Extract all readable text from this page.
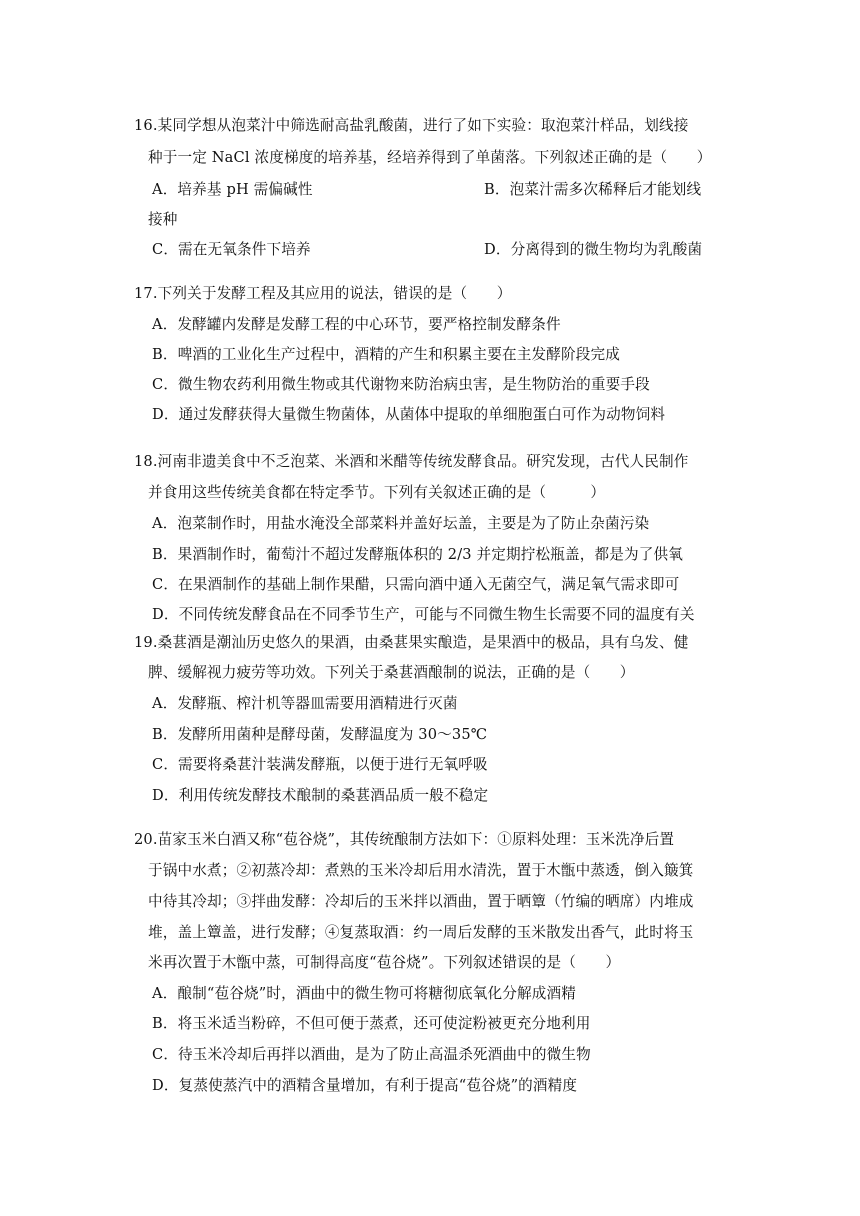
16.某同学想从泡菜汁中筛选耐高盐乳酸菌，进行了如下实验：取泡菜汁样品，划线接
种于一定 NaCl 浓度梯度的培养基，经培养得到了单菌落。下列叙述正确的是（　　）
A．培养基 pH 需偏碱性	B．泡菜汁需多次稀释后才能划线
接种
C．需在无氧条件下培养	D．分离得到的微生物均为乳酸菌
17.下列关于发酵工程及其应用的说法，错误的是（　　）
A．发酵罐内发酵是发酵工程的中心环节，要严格控制发酵条件
B．啤酒的工业化生产过程中，酒精的产生和积累主要在主发酵阶段完成
C．微生物农药利用微生物或其代谢物来防治病虫害，是生物防治的重要手段
D．通过发酵获得大量微生物菌体，从菌体中提取的单细胞蛋白可作为动物饲料
18.河南非遗美食中不乏泡菜、米酒和米醋等传统发酵食品。研究发现，古代人民制作
并食用这些传统美食都在特定季节。下列有关叙述正确的是（　　　）
A．泡菜制作时，用盐水淹没全部菜料并盖好坛盖，主要是为了防止杂菌污染
B．果酒制作时，葡萄汁不超过发酵瓶体积的 2/3 并定期拧松瓶盖，都是为了供氧
C．在果酒制作的基础上制作果醋，只需向酒中通入无菌空气，满足氧气需求即可
D．不同传统发酵食品在不同季节生产，可能与不同微生物生长需要不同的温度有关
19.桑葚酒是潮汕历史悠久的果酒，由桑葚果实酿造，是果酒中的极品，具有乌发、健
脾、缓解视力疲劳等功效。下列关于桑葚酒酿制的说法，正确的是（　　）
A．发酵瓶、榨汁机等器皿需要用酒精进行灭菌
B．发酵所用菌种是酵母菌，发酵温度为 30～35℃
C．需要将桑葚汁装满发酵瓶，以便于进行无氧呼吸
D．利用传统发酵技术酿制的桑葚酒品质一般不稳定
20.苗家玉米白酒又称“苞谷烧”，其传统酿制方法如下：①原料处理：玉米洗净后置
于锅中水煮；②初蒸冷却：煮熟的玉米冷却后用水清洗，置于木甑中蒸透，倒入簸箕
中待其冷却；③拌曲发酵：冷却后的玉米拌以酒曲，置于晒簟（竹编的晒席）内堆成
堆，盖上簟盖，进行发酵；④复蒸取酒：约一周后发酵的玉米散发出香气，此时将玉
米再次置于木甑中蒸，可制得高度“苞谷烧”。下列叙述错误的是（　　）
A．酿制“苞谷烧”时，酒曲中的微生物可将糖彻底氧化分解成酒精
B．将玉米适当粉碎，不但可便于蒸煮，还可使淀粉被更充分地利用
C．待玉米冷却后再拌以酒曲，是为了防止高温杀死酒曲中的微生物
D．复蒸使蒸汽中的酒精含量增加，有利于提高“苞谷烧”的酒精度
